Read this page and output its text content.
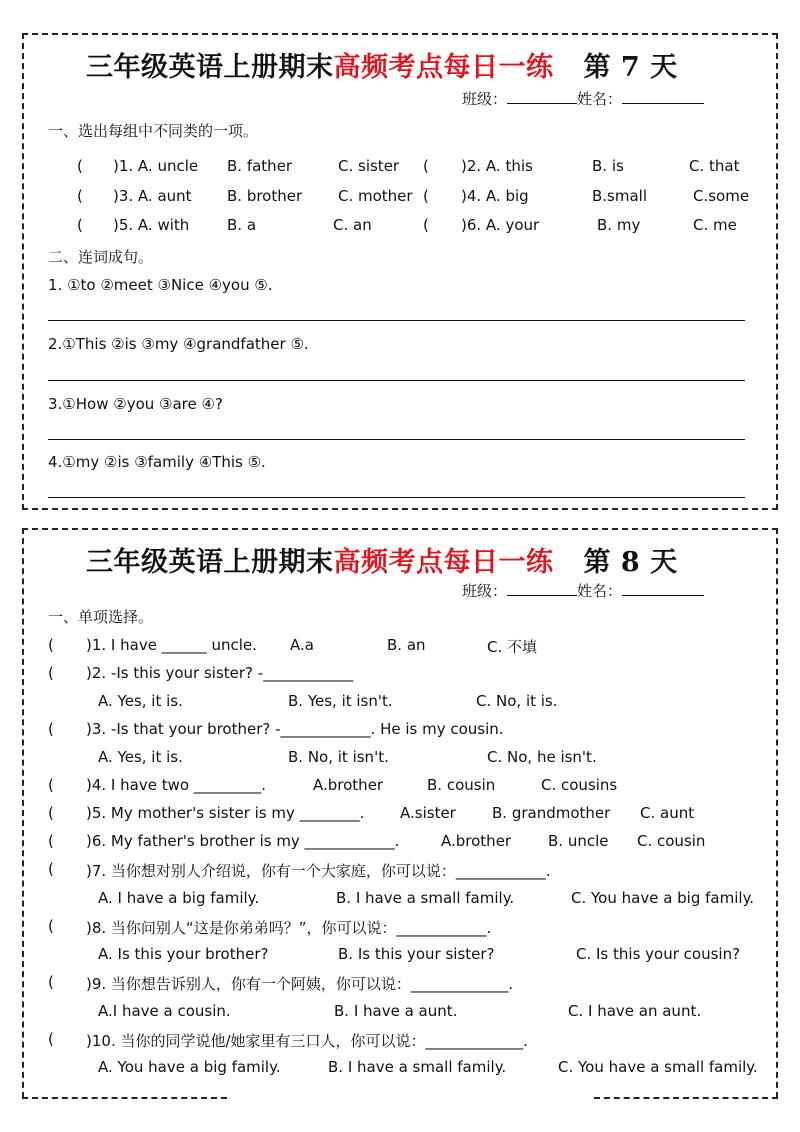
三年级英语上册期末高频考点每日一练 第 7 天
班级：	姓名：
一、选出每组中不同类的一项。
( )1. A. uncle B. father	C. sister ( )2. A. this	B. is	C. that
( )3. A. aunt B. brother C. mother ( )4. A. big	B.small	C.some
( )5. A. with	B. a	C. an	( )6. A. your	B. my	C. me
二、连词成句。
1. ①to ②meet ③Nice ④you ⑤.
2.①This ②is ③my ④grandfather ⑤.
3.①How ②you ③are ④?
4.①my ②is ③family ④This ⑤.
三年级英语上册期末高频考点每日一练 第 8 天
班级：	姓名：
一、单项选择。
( )1. I have ______ uncle. A.a	B. an	C. 不填
( )2. -Is this your sister? -____________
A. Yes, it is.	B. Yes, it isn't.	C. No, it is.
( )3. -Is that your brother? -____________. He is my cousin.
A. Yes, it is.	B. No, it isn't.	C. No, he isn't.
( )4. I have two _________.	A.brother	B. cousin	C. cousins
( )5. My mother's sister is my ________. A.sister B. grandmother C. aunt
( )6. My father's brother is my ____________.	A.brother B. uncle C. cousin
( )7. 当你想对别人介绍说，你有一个大家庭，你可以说：____________.
A. I have a big family.	B. I have a small family.	C. You have a big family.
( )8. 当你问别人“这是你弟弟吗？”，你可以说：____________.
A. Is this your brother?	B. Is this your sister?	C. Is this your cousin?
( )9. 当你想告诉别人，你有一个阿姨，你可以说：_____________.
A.I have a cousin.	B. I have a aunt.	C. I have an aunt.
( )10. 当你的同学说他/她家里有三口人，你可以说：_____________.
A. You have a big family.	B. I have a small family.	C. You have a small family.
